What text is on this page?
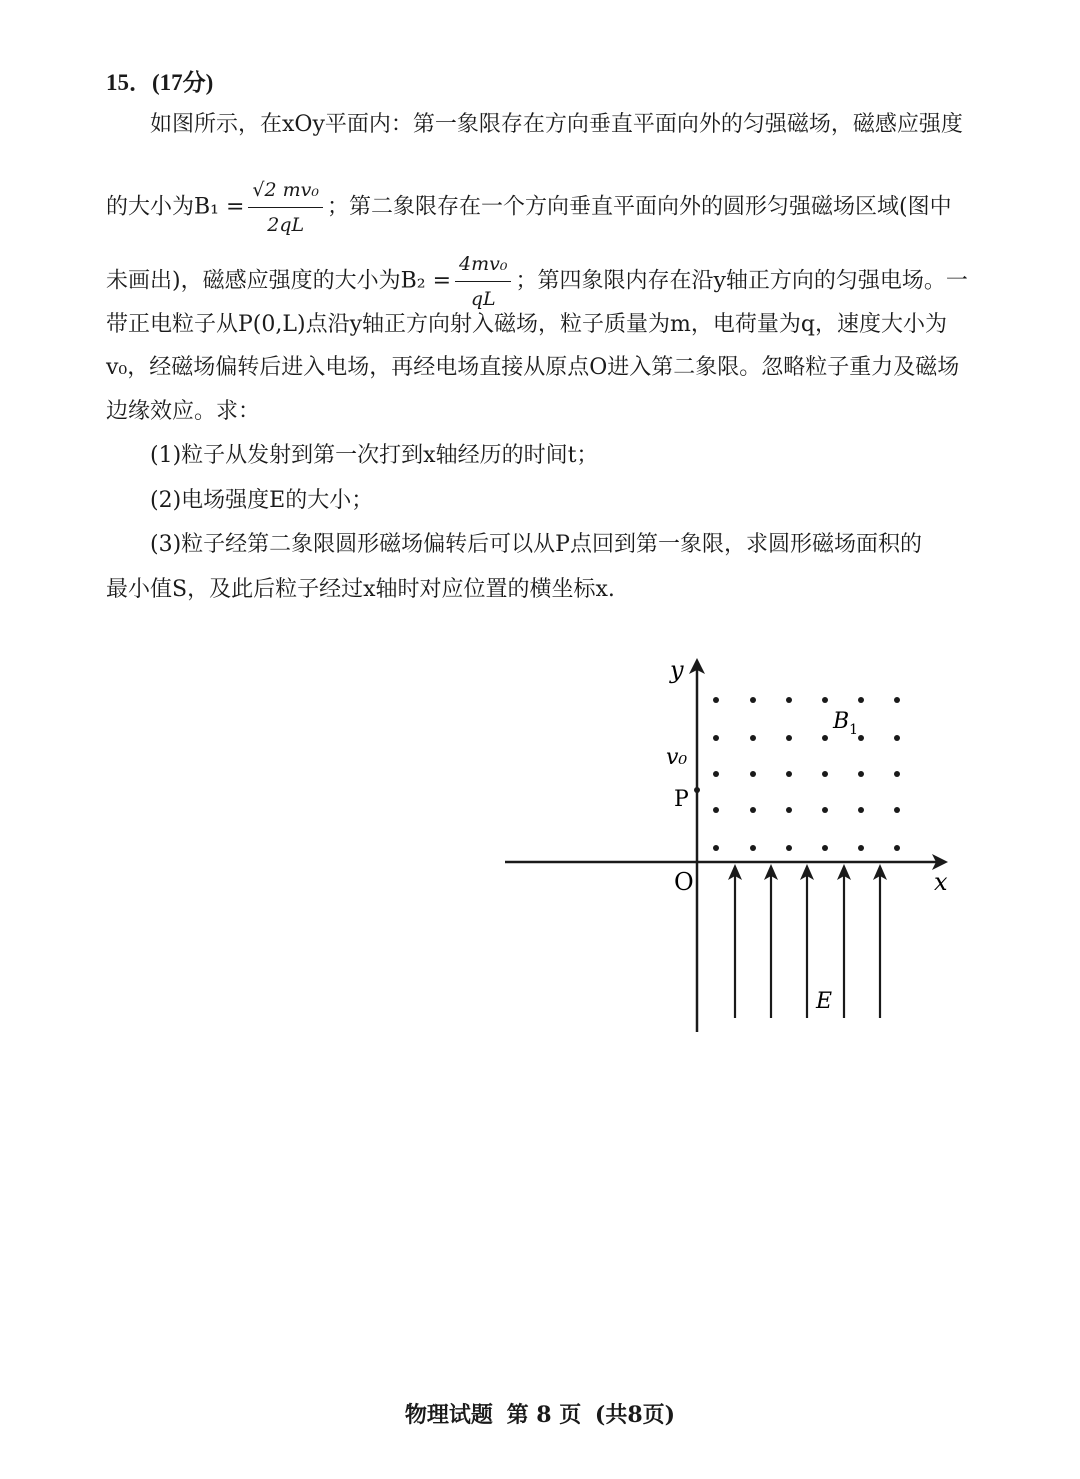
15．(17分)
如图所示，在xOy平面内：第一象限存在方向垂直平面向外的匀强磁场，磁感应强度
的大小为$B_1 = \frac{\text{√2 mv₀}}{2qL}$ ；第二象限存在一个方向垂直平面向外的圆形匀强磁场区域(图中
未画出)，磁感应强度的大小为$B_2 = \frac{\text{4mv₀}}{qL}$ ；第四象限内存在沿y轴正方向的匀强电场。一
带正电粒子从P(0,L)点沿y轴正方向射入磁场，粒子质量为m，电荷量为q，速度大小为
v₀，经磁场偏转后进入电场，再经电场直接从原点O进入第二象限。忽略粒子重力及磁场
边缘效应。求：
(1)粒子从发射到第一次打到x轴经历的时间t；
(2)电场强度E的大小；
(3)粒子经第二象限圆形磁场偏转后可以从P点回到第一象限，求圆形磁场面积的
最小值S，及此后粒子经过x轴时对应位置的横坐标x.
y
x
O
P
v₀
$B_1$
E
物理试题 第 8 页 (共8页)
